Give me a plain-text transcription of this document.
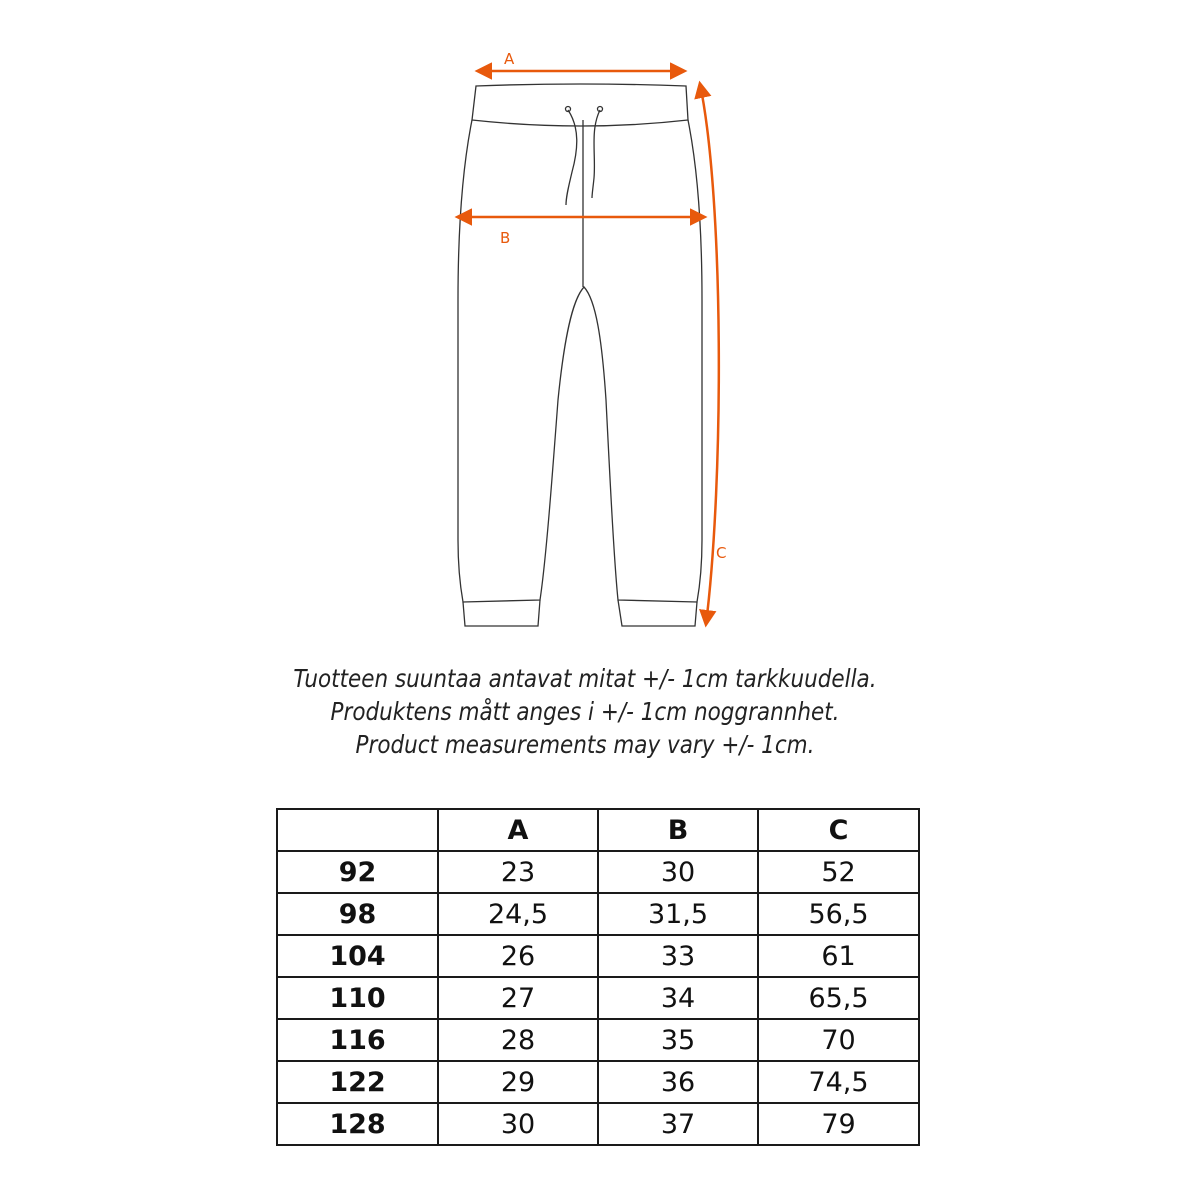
A
B
C
Tuotteen suuntaa antavat mitat +/- 1cm tarkkuudella.
Produktens mått anges i +/- 1cm noggrannhet.
Product measurements may vary +/- 1cm.
	A	B	C
92	23	30	52
98	24,5	31,5	56,5
104	26	33	61
110	27	34	65,5
116	28	35	70
122	29	36	74,5
128	30	37	79
